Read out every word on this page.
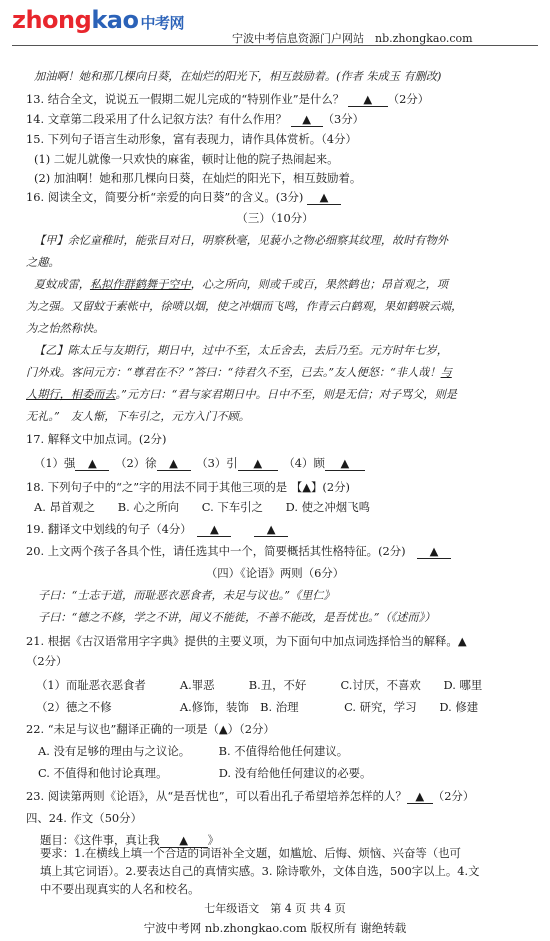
zhongkao 中考网
宁波中考信息资源门户网站　nb.zhongkao.com
加油啊！她和那几棵向日葵，在灿烂的阳光下，相互鼓励着。(作者 朱成玉 有删改)
13. 结合全文，说说五一假期二妮儿完成的“特别作业”是什么？ ▲ （2分）
14. 文章第二段采用了什么记叙方法？有什么作用？ ▲ （3分）
15. 下列句子语言生动形象，富有表现力，请作具体赏析。（4分）
(1) 二妮儿就像一只欢快的麻雀，顿时让他的院子热闹起来。
(2) 加油啊！她和那几棵向日葵，在灿烂的阳光下，相互鼓励着。
16. 阅读全文，简要分析“亲爱的向日葵”的含义。(3分) ▲
（三）（10分）
【甲】余忆童稚时，能张目对日，明察秋毫，见藐小之物必细察其纹理，故时有物外
之趣。
夏蚊成雷，私拟作群鹤舞于空中，心之所向，则或千或百，果然鹤也；昂首观之，项
为之强。又留蚊于素帐中，徐喷以烟，使之冲烟而飞鸣，作青云白鹤观，果如鹤唳云端，
为之怡然称快。
【乙】陈太丘与友期行，期日中，过中不至，太丘舍去，去后乃至。元方时年七岁，
门外戏。客问元方：“尊君在不？”答曰：“待君久不至，已去。”友人便怒：“非人哉！与
人期行，相委而去。”元方曰：“君与家君期日中。日中不至，则是无信；对子骂父，则是
无礼。”　友人惭，下车引之，元方入门不顾。
17. 解释文中加点词。(2分)
（1）强 ▲　 （2）徐 ▲　 （3）引 ▲　 （4）顾 ▲
18. 下列句子中的“之”字的用法不同于其他三项的是 【▲】(2分)
A. 昂首观之　　B. 心之所向　　C. 下车引之　　D. 使之冲烟飞鸣
19. 翻译文中划线的句子（4分）　 ▲　　	▲
20. 上文两个孩子各具个性，请任选其中一个，简要概括其性格特征。(2分)　 ▲
（四）《论语》两则（6分）
子曰：“士志于道，而耻恶衣恶食者，未足与议也。”《里仁》
子曰：“德之不修，学之不讲，闻义不能徙，不善不能改，是吾忧也。”（《述而》）
21. 根据《古汉语常用字字典》提供的主要义项，为下面句中加点词选择恰当的解释。▲
（2分）
（1）而耻恶衣恶食者　　　A.罪恶　　　B.丑，不好　　　C.讨厌，不喜欢　　D. 哪里
（2）德之不修　　　　　　A.修饰，装饰　B. 治理　　　　C. 研究，学习　　D. 修建
22. “未足与议也”翻译正确的一项是（▲）（2分）
A. 没有足够的理由与之议论。　　　B. 不值得给他任何建议。
C. 不值得和他讨论真理。　　　　　D. 没有给他任何建议的必要。
23. 阅读第两则《论语》，从“是吾忧也”，可以看出孔子希望培养怎样的人？ ▲ （2分）
四、24. 作文（50分）
题目：《这件事，真让我 ▲ 》
要求：1.在横线上填一个合适的词语补全文题，如尴尬、后悔、烦恼、兴奋等（也可
填上其它词语）。2.要表达自己的真情实感。3. 除诗歌外，文体自选，500字以上。4.文
中不要出现真实的人名和校名。
七年级语文　第 4 页 共 4 页
宁波中考网 nb.zhongkao.com 版权所有 谢绝转载
